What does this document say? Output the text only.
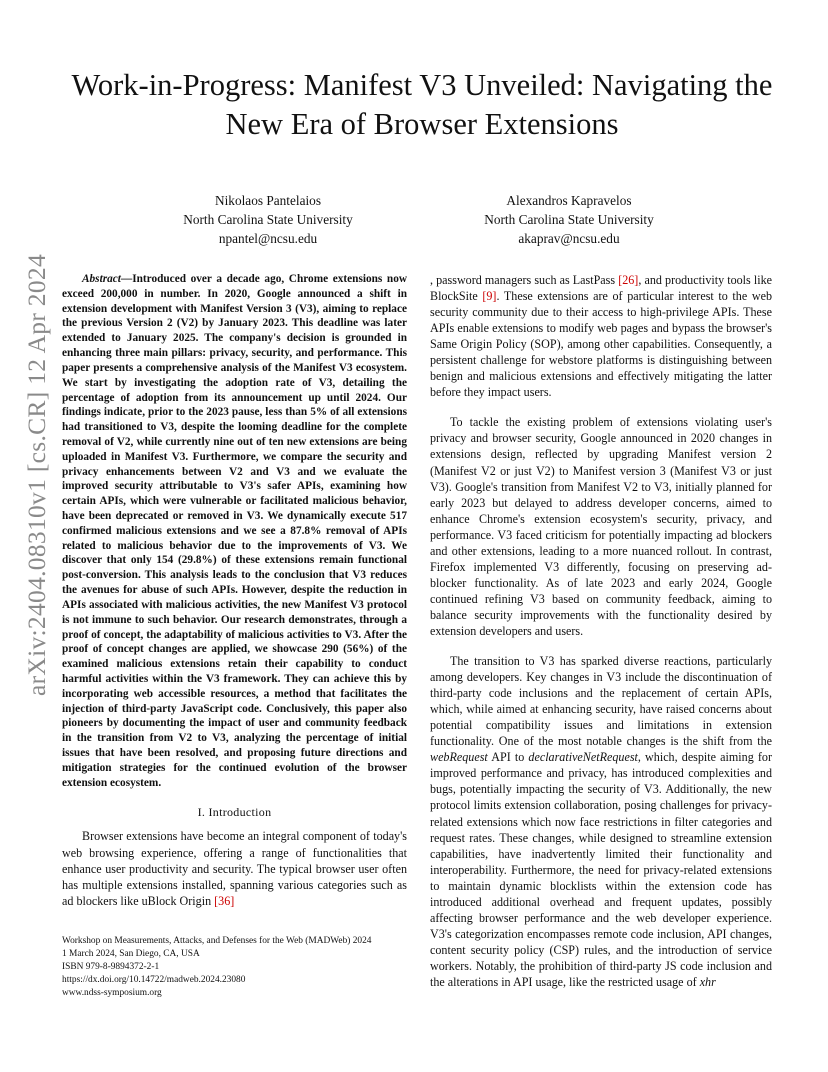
arXiv:2404.08310v1 [cs.CR] 12 Apr 2024
Work-in-Progress: Manifest V3 Unveiled: Navigating the New Era of Browser Extensions
Nikolaos Pantelaios
North Carolina State University
npantel@ncsu.edu
Alexandros Kapravelos
North Carolina State University
akaprav@ncsu.edu

Abstract—Introduced over a decade ago, Chrome extensions now exceed 200,000 in number. In 2020, Google announced a shift in extension development with Manifest Version 3 (V3), aiming to replace the previous Version 2 (V2) by January 2023. This deadline was later extended to January 2025. The company's decision is grounded in enhancing three main pillars: privacy, security, and performance. This paper presents a comprehensive analysis of the Manifest V3 ecosystem. We start by investigating the adoption rate of V3, detailing the percentage of adoption from its announcement up until 2024. Our findings indicate, prior to the 2023 pause, less than 5% of all extensions had transitioned to V3, despite the looming deadline for the complete removal of V2, while currently nine out of ten new extensions are being uploaded in Manifest V3. Furthermore, we compare the security and privacy enhancements between V2 and V3 and we evaluate the improved security attributable to V3's safer APIs, examining how certain APIs, which were vulnerable or facilitated malicious behavior, have been deprecated or removed in V3. We dynamically execute 517 confirmed malicious extensions and we see a 87.8% removal of APIs related to malicious behavior due to the improvements of V3. We discover that only 154 (29.8%) of these extensions remain functional post-conversion. This analysis leads to the conclusion that V3 reduces the avenues for abuse of such APIs. However, despite the reduction in APIs associated with malicious activities, the new Manifest V3 protocol is not immune to such behavior. Our research demonstrates, through a proof of concept, the adaptability of malicious activities to V3. After the proof of concept changes are applied, we showcase 290 (56%) of the examined malicious extensions retain their capability to conduct harmful activities within the V3 framework. They can achieve this by incorporating web accessible resources, a method that facilitates the injection of third-party JavaScript code. Conclusively, this paper also pioneers by documenting the impact of user and community feedback in the transition from V2 to V3, analyzing the percentage of initial issues that have been resolved, and proposing future directions and mitigation strategies for the continued evolution of the browser extension ecosystem.

I. Introduction

Browser extensions have become an integral component of today's web browsing experience, offering a range of functionalities that enhance user productivity and security. The typical browser user often has multiple extensions installed, spanning various categories such as ad blockers like uBlock Origin [36]

, password managers such as LastPass [26], and productivity tools like BlockSite [9]. These extensions are of particular interest to the web security community due to their access to high-privilege APIs. These APIs enable extensions to modify web pages and bypass the browser's Same Origin Policy (SOP), among other capabilities. Consequently, a persistent challenge for webstore platforms is distinguishing between benign and malicious extensions and effectively mitigating the latter before they impact users.

To tackle the existing problem of extensions violating user's privacy and browser security, Google announced in 2020 changes in extensions design, reflected by upgrading Manifest version 2 (Manifest V2 or just V2) to Manifest version 3 (Manifest V3 or just V3). Google's transition from Manifest V2 to V3, initially planned for early 2023 but delayed to address developer concerns, aimed to enhance Chrome's extension ecosystem's security, privacy, and performance. V3 faced criticism for potentially impacting ad blockers and other extensions, leading to a more nuanced rollout. In contrast, Firefox implemented V3 differently, focusing on preserving ad-blocker functionality. As of late 2023 and early 2024, Google continued refining V3 based on community feedback, aiming to balance security improvements with the functionality desired by extension developers and users.

The transition to V3 has sparked diverse reactions, particularly among developers. Key changes in V3 include the discontinuation of third-party code inclusions and the replacement of certain APIs, which, while aimed at enhancing security, have raised concerns about potential compatibility issues and limitations in extension functionality. One of the most notable changes is the shift from the webRequest API to declarativeNetRequest, which, despite aiming for improved performance and privacy, has introduced complexities and bugs, potentially impacting the security of V3. Additionally, the new protocol limits extension collaboration, posing challenges for privacy-related extensions which now face restrictions in filter categories and request rates. These changes, while designed to streamline extension capabilities, have inadvertently limited their functionality and interoperability. Furthermore, the need for privacy-related extensions to maintain dynamic blocklists within the extension code has introduced additional overhead and frequent updates, possibly affecting browser performance and the web developer experience. V3's categorization encompasses remote code inclusion, API changes, content security policy (CSP) rules, and the introduction of service workers. Notably, the prohibition of third-party JS code inclusion and the alterations in API usage, like the restricted usage of xhr

Workshop on Measurements, Attacks, and Defenses for the Web (MADWeb) 2024
1 March 2024, San Diego, CA, USA
ISBN 979-8-9894372-2-1
https://dx.doi.org/10.14722/madweb.2024.23080
www.ndss-symposium.org
